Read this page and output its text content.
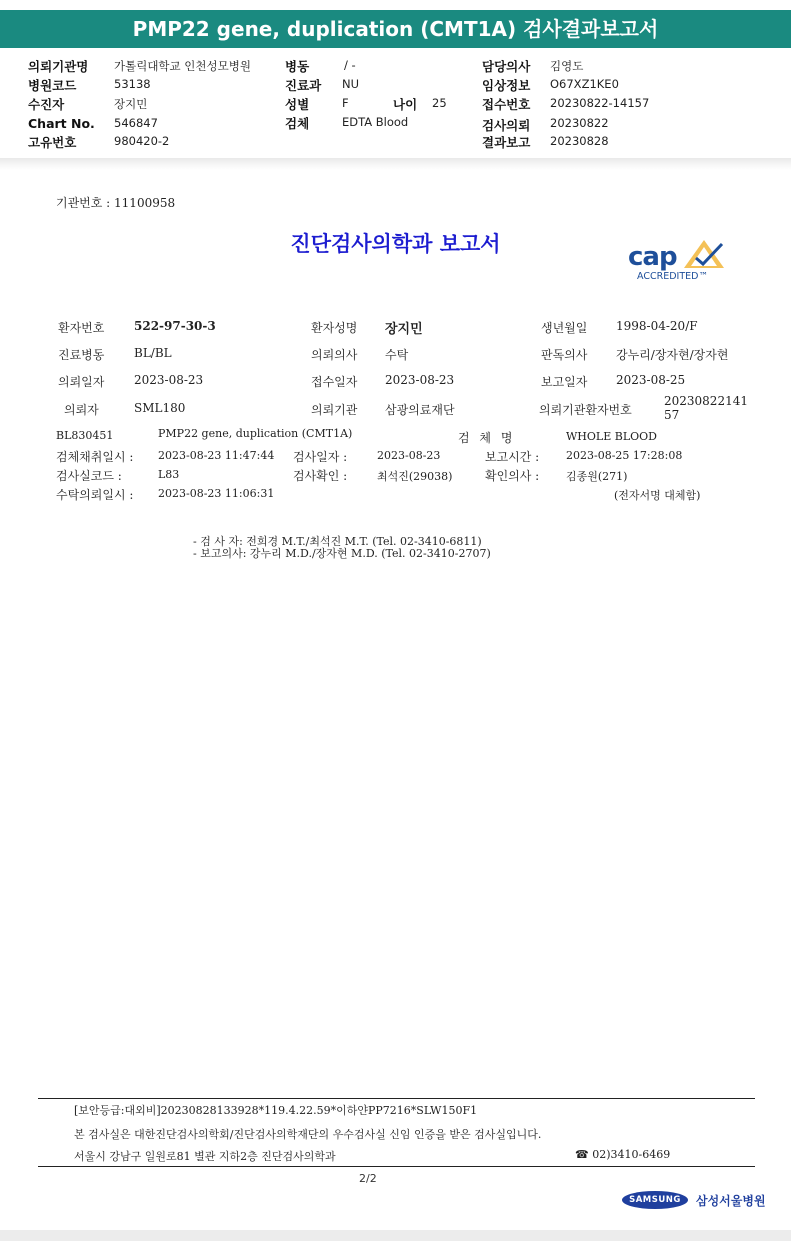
PMP22 gene, duplication (CMT1A) 검사결과보고서
의뢰기관명 가톨릭대학교 인천성모병원
병원코드	53138
수진자	장지민
Chart No. 546847
고유번호	980420-2
병동	/ -
진료과 NU
성별	F	나이 25
검체	EDTA Blood
담당의사 김영도
임상정보 O67XZ1KE0
접수번호 20230822-14157
검사의뢰 20230822
결과보고 20230828
기관번호 : 11100958
진단검사의학과 보고서	cap
ACCREDITED™
환자번호 522-97-30-3	환자성명 장지민	생년월일 1998-04-20/F
진료병동 BL/BL	의뢰의사 수탁	판독의사 강누리/장자현/장자현
의뢰일자 2023-08-23	접수일자 2023-08-23	보고일자 2023-08-25
의뢰자	SML180	의뢰기관 삼광의료재단	의뢰기관환자번호
2023082214157
BL830451	PMP22 gene, duplication (CMT1A)	검 체 명	WHOLE BLOOD
검체채취일시 : 2023-08-23 11:47:44 검사일자 :	2023-08-23	보고시간 : 2023-08-25 17:28:08
검사실코드 :	L83	검사확인 :	최석진(29038)	확인의사 : 김종원(271)
수탁의뢰일시 : 2023-08-23 11:06:31	(전자서명 대체함)
- 검 사 자: 전희경 M.T./최석진 M.T. (Tel. 02-3410-6811)
- 보고의사: 강누리 M.D./장자현 M.D. (Tel. 02-3410-2707)
[보안등급:대외비]20230828133928*119.4.22.59*이하얀PP7216*SLW150F1
본 검사실은 대한진단검사의학회/진단검사의학재단의 우수검사실 신임 인증을 받은 검사실입니다.
서울시 강남구 일원로81 별관 지하2층 진단검사의학과	☎ 02)3410-6469
2/2
SAMSUNG	삼성서울병원
